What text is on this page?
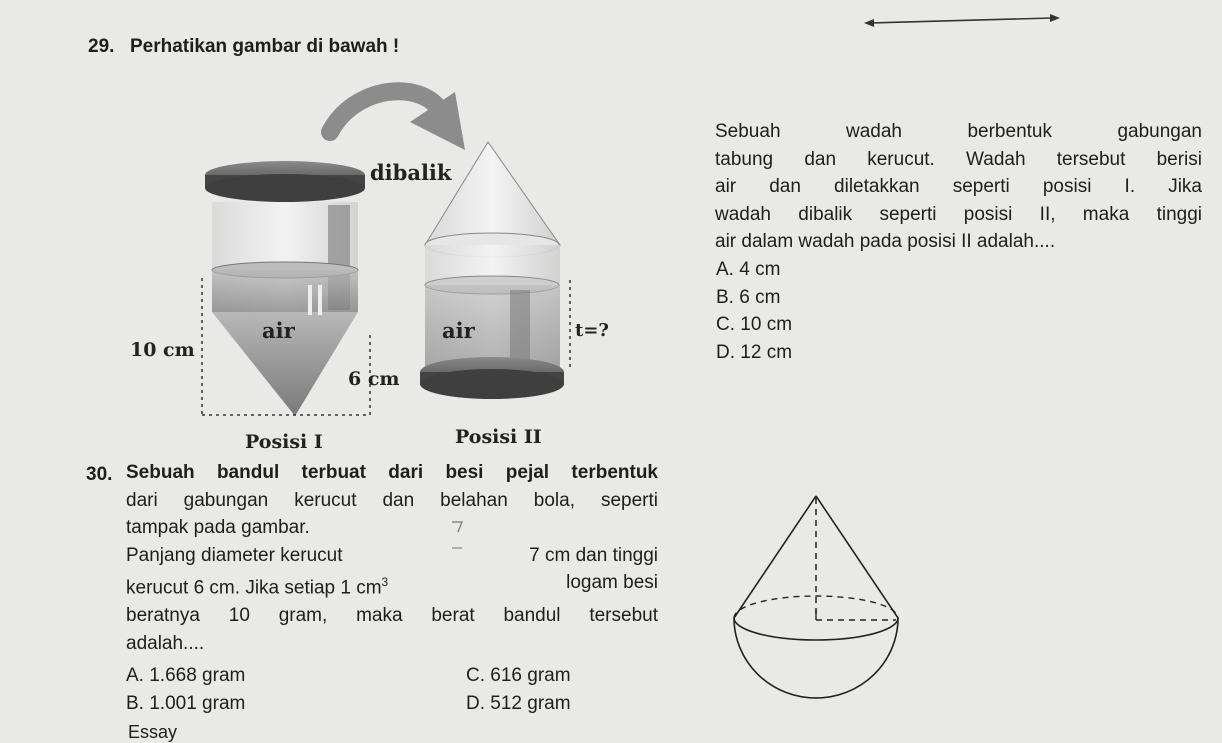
29. Perhatikan gambar di bawah !
air
10 cm
6 cm
Posisi I
dibalik
air	t=?
Posisi II
Sebuah wadah berbentuk gabungan
tabung dan kerucut. Wadah tersebut berisi
air dan diletakkan seperti posisi I. Jika
wadah dibalik seperti posisi II, maka tinggi
air dalam wadah pada posisi II adalah....
A. 4 cm
B. 6 cm
C. 10 cm
D. 12 cm
30. Sebuah bandul terbuat dari besi pejal terbentuk
dari gabungan kerucut dan belahan bola, seperti
tampak pada gambar.
Panjang diameter kerucut	7 cm dan tinggi
kerucut 6 cm. Jika setiap 1 $cm^3$	logam besi
beratnya 10 gram, maka berat bandul tersebut
adalah....
A. 1.668 gram
B. 1.001 gram
C. 616 gram
D. 512 gram
Essay
